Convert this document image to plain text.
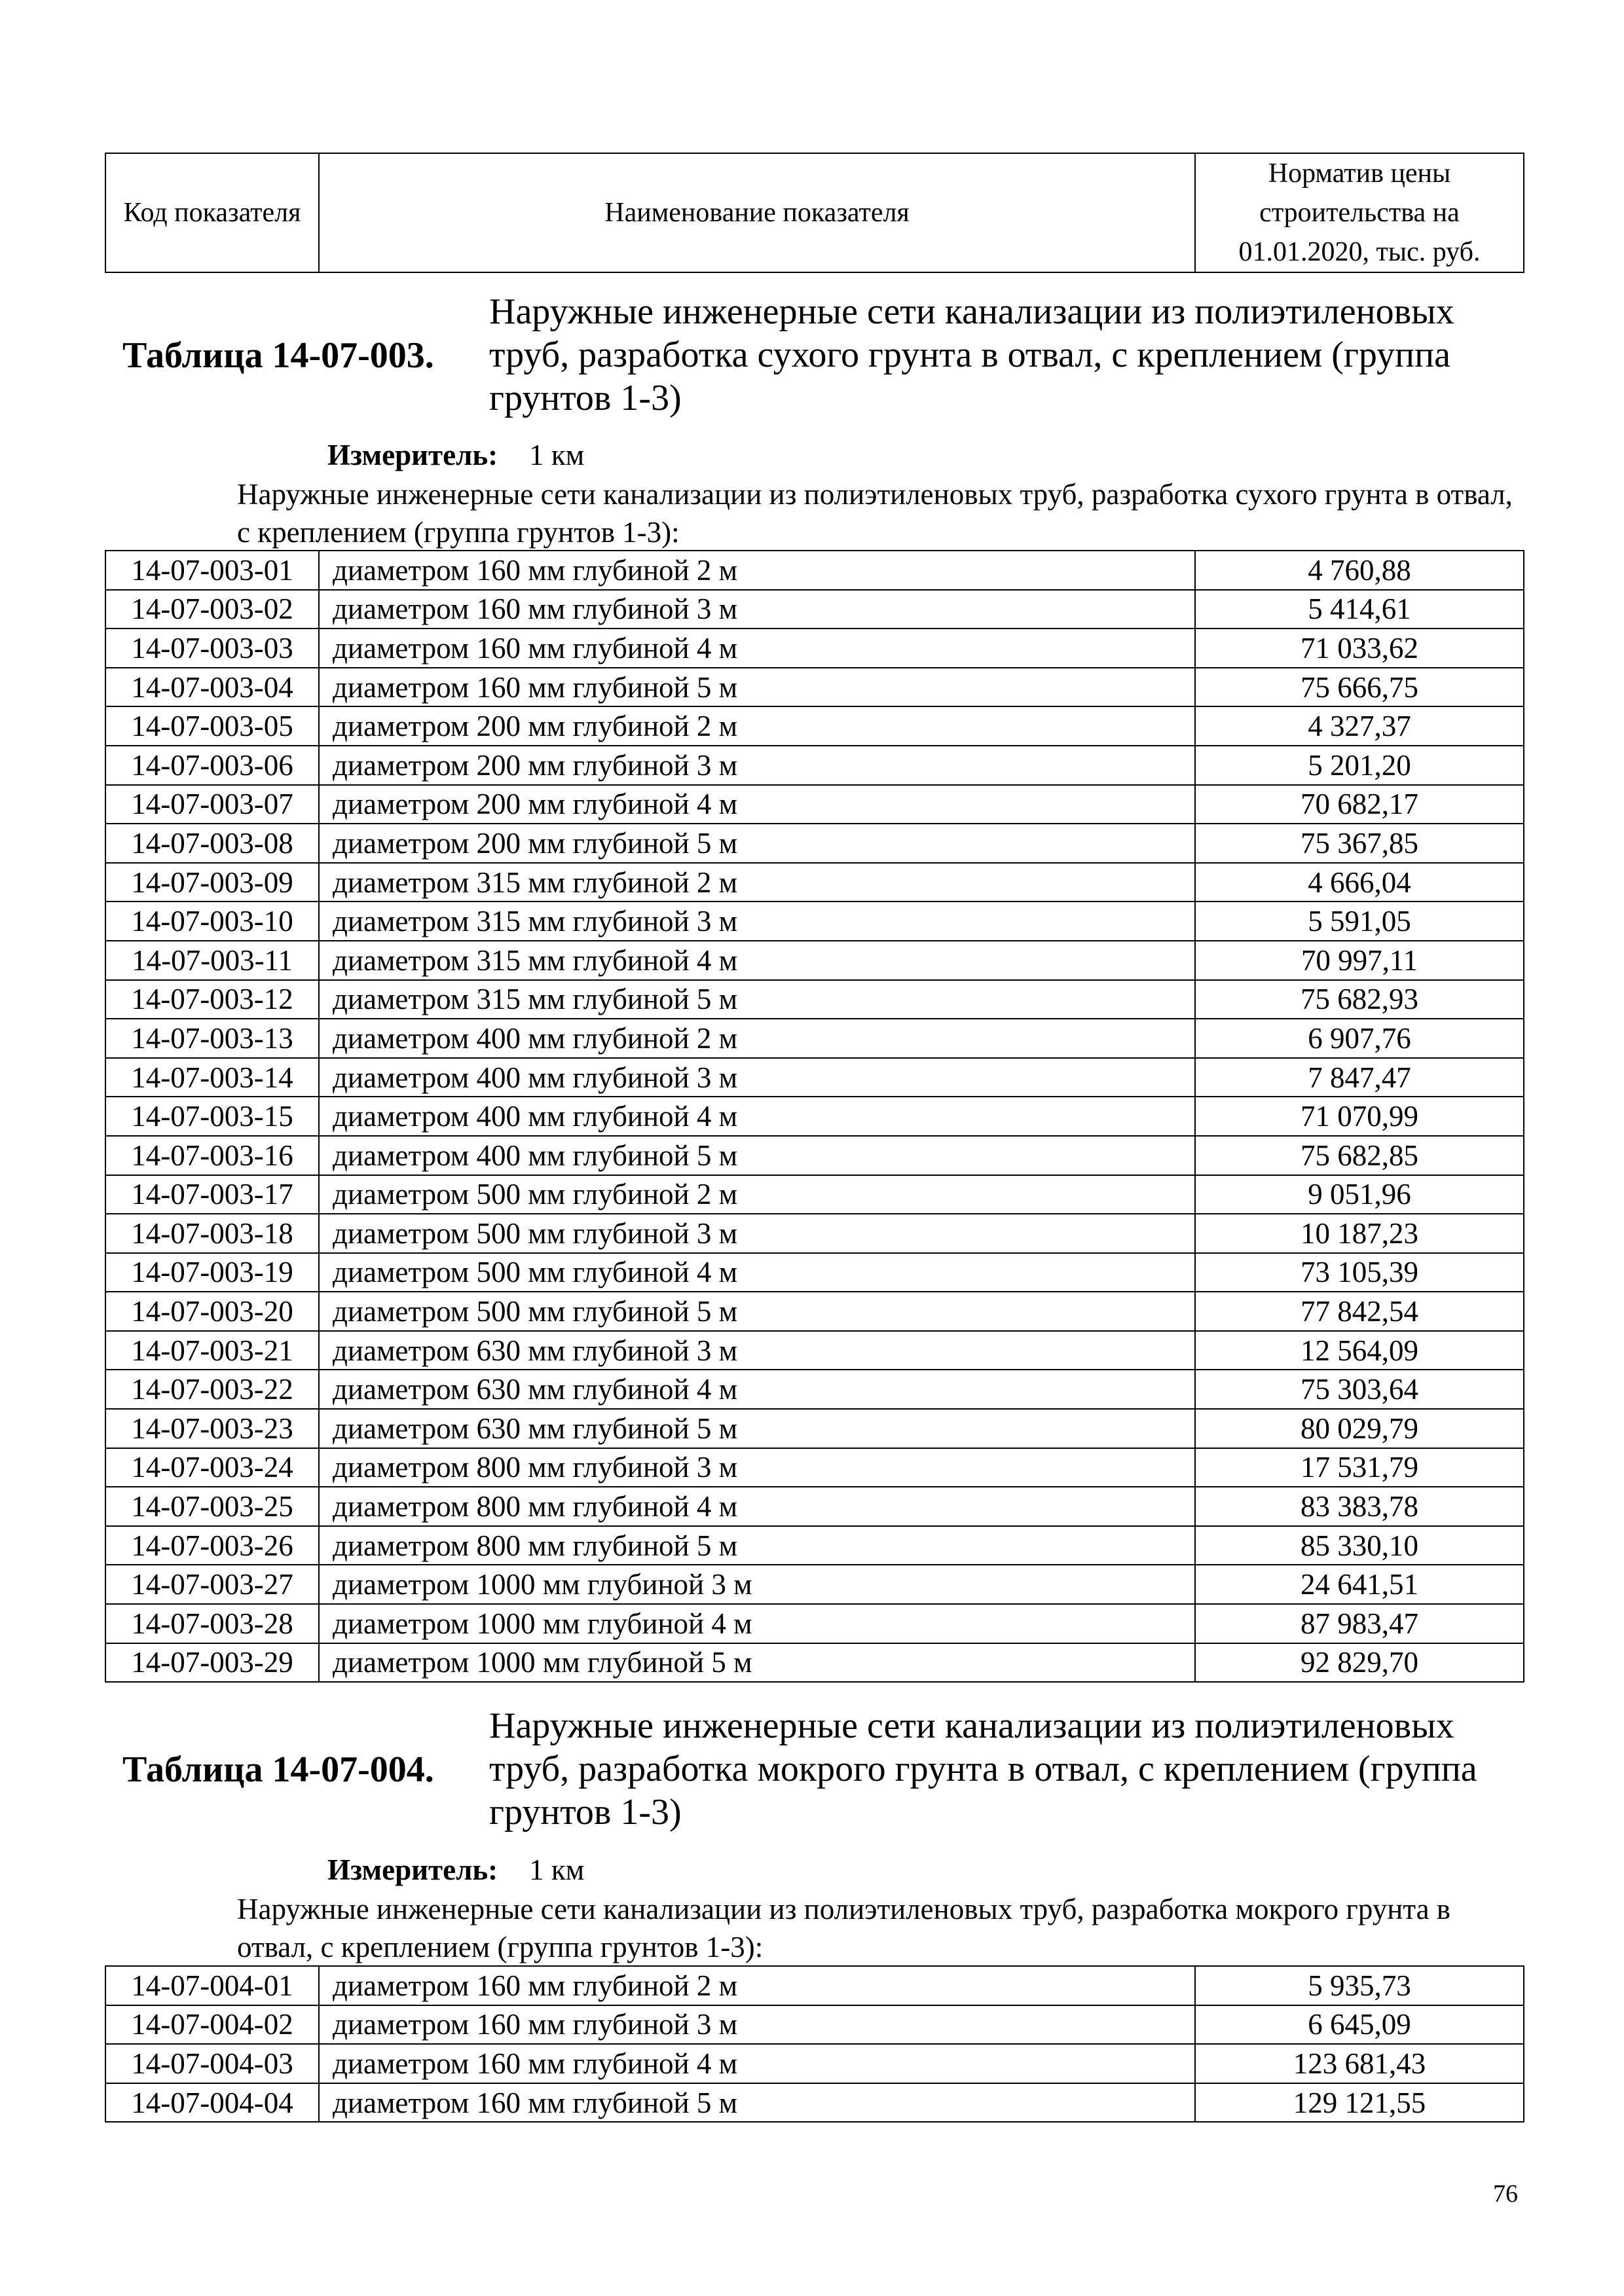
Код показателя	Наименование показателя	Норматив цены строительства на 01.01.2020, тыс. руб.
Таблица 14-07-003.
Наружные инженерные сети канализации из полиэтиленовых труб, разработка сухого грунта в отвал, с креплением (группа грунтов 1-3)
Измеритель: 1 км
Наружные инженерные сети канализации из полиэтиленовых труб, разработка сухого грунта в отвал, с креплением (группа грунтов 1-3):
14-07-003-01	диаметром 160 мм глубиной 2 м	4 760,88
14-07-003-02	диаметром 160 мм глубиной 3 м	5 414,61
14-07-003-03	диаметром 160 мм глубиной 4 м	71 033,62
14-07-003-04	диаметром 160 мм глубиной 5 м	75 666,75
14-07-003-05	диаметром 200 мм глубиной 2 м	4 327,37
14-07-003-06	диаметром 200 мм глубиной 3 м	5 201,20
14-07-003-07	диаметром 200 мм глубиной 4 м	70 682,17
14-07-003-08	диаметром 200 мм глубиной 5 м	75 367,85
14-07-003-09	диаметром 315 мм глубиной 2 м	4 666,04
14-07-003-10	диаметром 315 мм глубиной 3 м	5 591,05
14-07-003-11	диаметром 315 мм глубиной 4 м	70 997,11
14-07-003-12	диаметром 315 мм глубиной 5 м	75 682,93
14-07-003-13	диаметром 400 мм глубиной 2 м	6 907,76
14-07-003-14	диаметром 400 мм глубиной 3 м	7 847,47
14-07-003-15	диаметром 400 мм глубиной 4 м	71 070,99
14-07-003-16	диаметром 400 мм глубиной 5 м	75 682,85
14-07-003-17	диаметром 500 мм глубиной 2 м	9 051,96
14-07-003-18	диаметром 500 мм глубиной 3 м	10 187,23
14-07-003-19	диаметром 500 мм глубиной 4 м	73 105,39
14-07-003-20	диаметром 500 мм глубиной 5 м	77 842,54
14-07-003-21	диаметром 630 мм глубиной 3 м	12 564,09
14-07-003-22	диаметром 630 мм глубиной 4 м	75 303,64
14-07-003-23	диаметром 630 мм глубиной 5 м	80 029,79
14-07-003-24	диаметром 800 мм глубиной 3 м	17 531,79
14-07-003-25	диаметром 800 мм глубиной 4 м	83 383,78
14-07-003-26	диаметром 800 мм глубиной 5 м	85 330,10
14-07-003-27	диаметром 1000 мм глубиной 3 м	24 641,51
14-07-003-28	диаметром 1000 мм глубиной 4 м	87 983,47
14-07-003-29	диаметром 1000 мм глубиной 5 м	92 829,70
Таблица 14-07-004.
Наружные инженерные сети канализации из полиэтиленовых труб, разработка мокрого грунта в отвал, с креплением (группа грунтов 1-3)
Измеритель: 1 км
Наружные инженерные сети канализации из полиэтиленовых труб, разработка мокрого грунта в отвал, с креплением (группа грунтов 1-3):
14-07-004-01	диаметром 160 мм глубиной 2 м	5 935,73
14-07-004-02	диаметром 160 мм глубиной 3 м	6 645,09
14-07-004-03	диаметром 160 мм глубиной 4 м	123 681,43
14-07-004-04	диаметром 160 мм глубиной 5 м	129 121,55
76
